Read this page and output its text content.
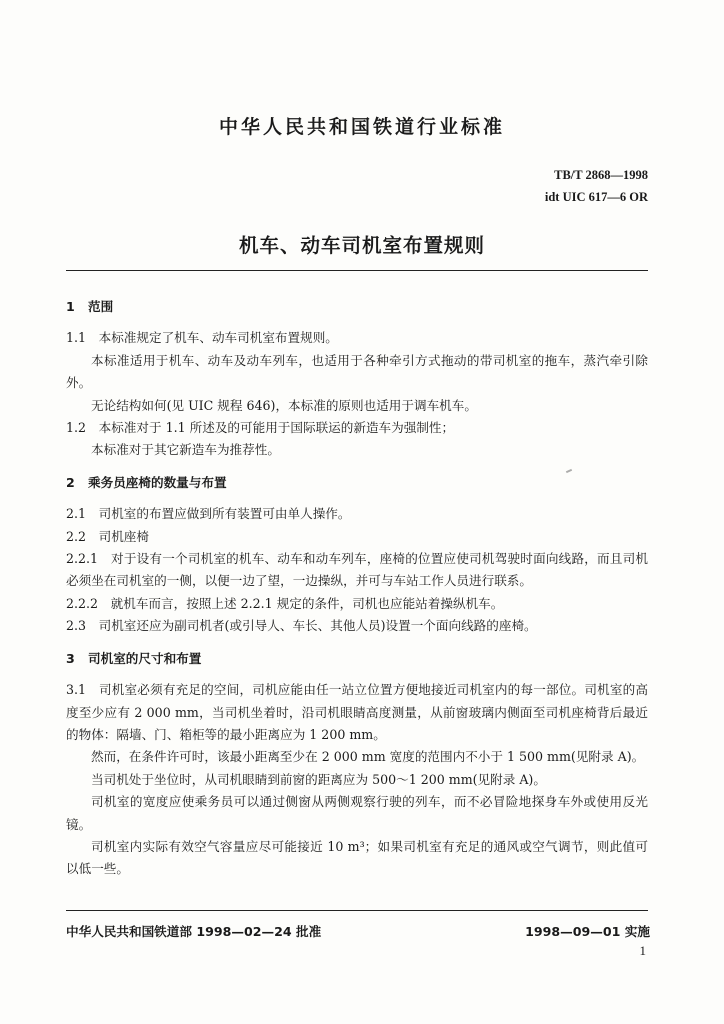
中华人民共和国铁道行业标准
TB/T 2868—1998
idt UIC 617—6 OR
机车、动车司机室布置规则
1 范围

1.1　本标准规定了机车、动车司机室布置规则。

本标准适用于机车、动车及动车列车，也适用于各种牵引方式拖动的带司机室的拖车，蒸汽牵引除外。

无论结构如何(见 UIC 规程 646)，本标准的原则也适用于调车机车。

1.2　本标准对于 1.1 所述及的可能用于国际联运的新造车为强制性；

本标准对于其它新造车为推荐性。

2 乘务员座椅的数量与布置

2.1　司机室的布置应做到所有装置可由单人操作。

2.2　司机座椅

2.2.1　对于设有一个司机室的机车、动车和动车列车，座椅的位置应使司机驾驶时面向线路，而且司机必须坐在司机室的一侧，以便一边了望，一边操纵，并可与车站工作人员进行联系。

2.2.2　就机车而言，按照上述 2.2.1 规定的条件，司机也应能站着操纵机车。

2.3　司机室还应为副司机者(或引导人、车长、其他人员)设置一个面向线路的座椅。

3 司机室的尺寸和布置

3.1　司机室必须有充足的空间，司机应能由任一站立位置方便地接近司机室内的每一部位。司机室的高度至少应有 2 000 mm，当司机坐着时，沿司机眼睛高度测量，从前窗玻璃内侧面至司机座椅背后最近的物体：隔墙、门、箱柜等的最小距离应为 1 200 mm。

然而，在条件许可时，该最小距离至少在 2 000 mm 宽度的范围内不小于 1 500 mm(见附录 A)。

当司机处于坐位时，从司机眼睛到前窗的距离应为 500～1 200 mm(见附录 A)。

司机室的宽度应使乘务员可以通过侧窗从两侧观察行驶的列车，而不必冒险地探身车外或使用反光镜。

司机室内实际有效空气容量应尽可能接近 10 m³；如果司机室有充足的通风或空气调节，则此值可以低一些。

中华人民共和国铁道部 1998—02—24 批准	1998—09—01 实施
1
